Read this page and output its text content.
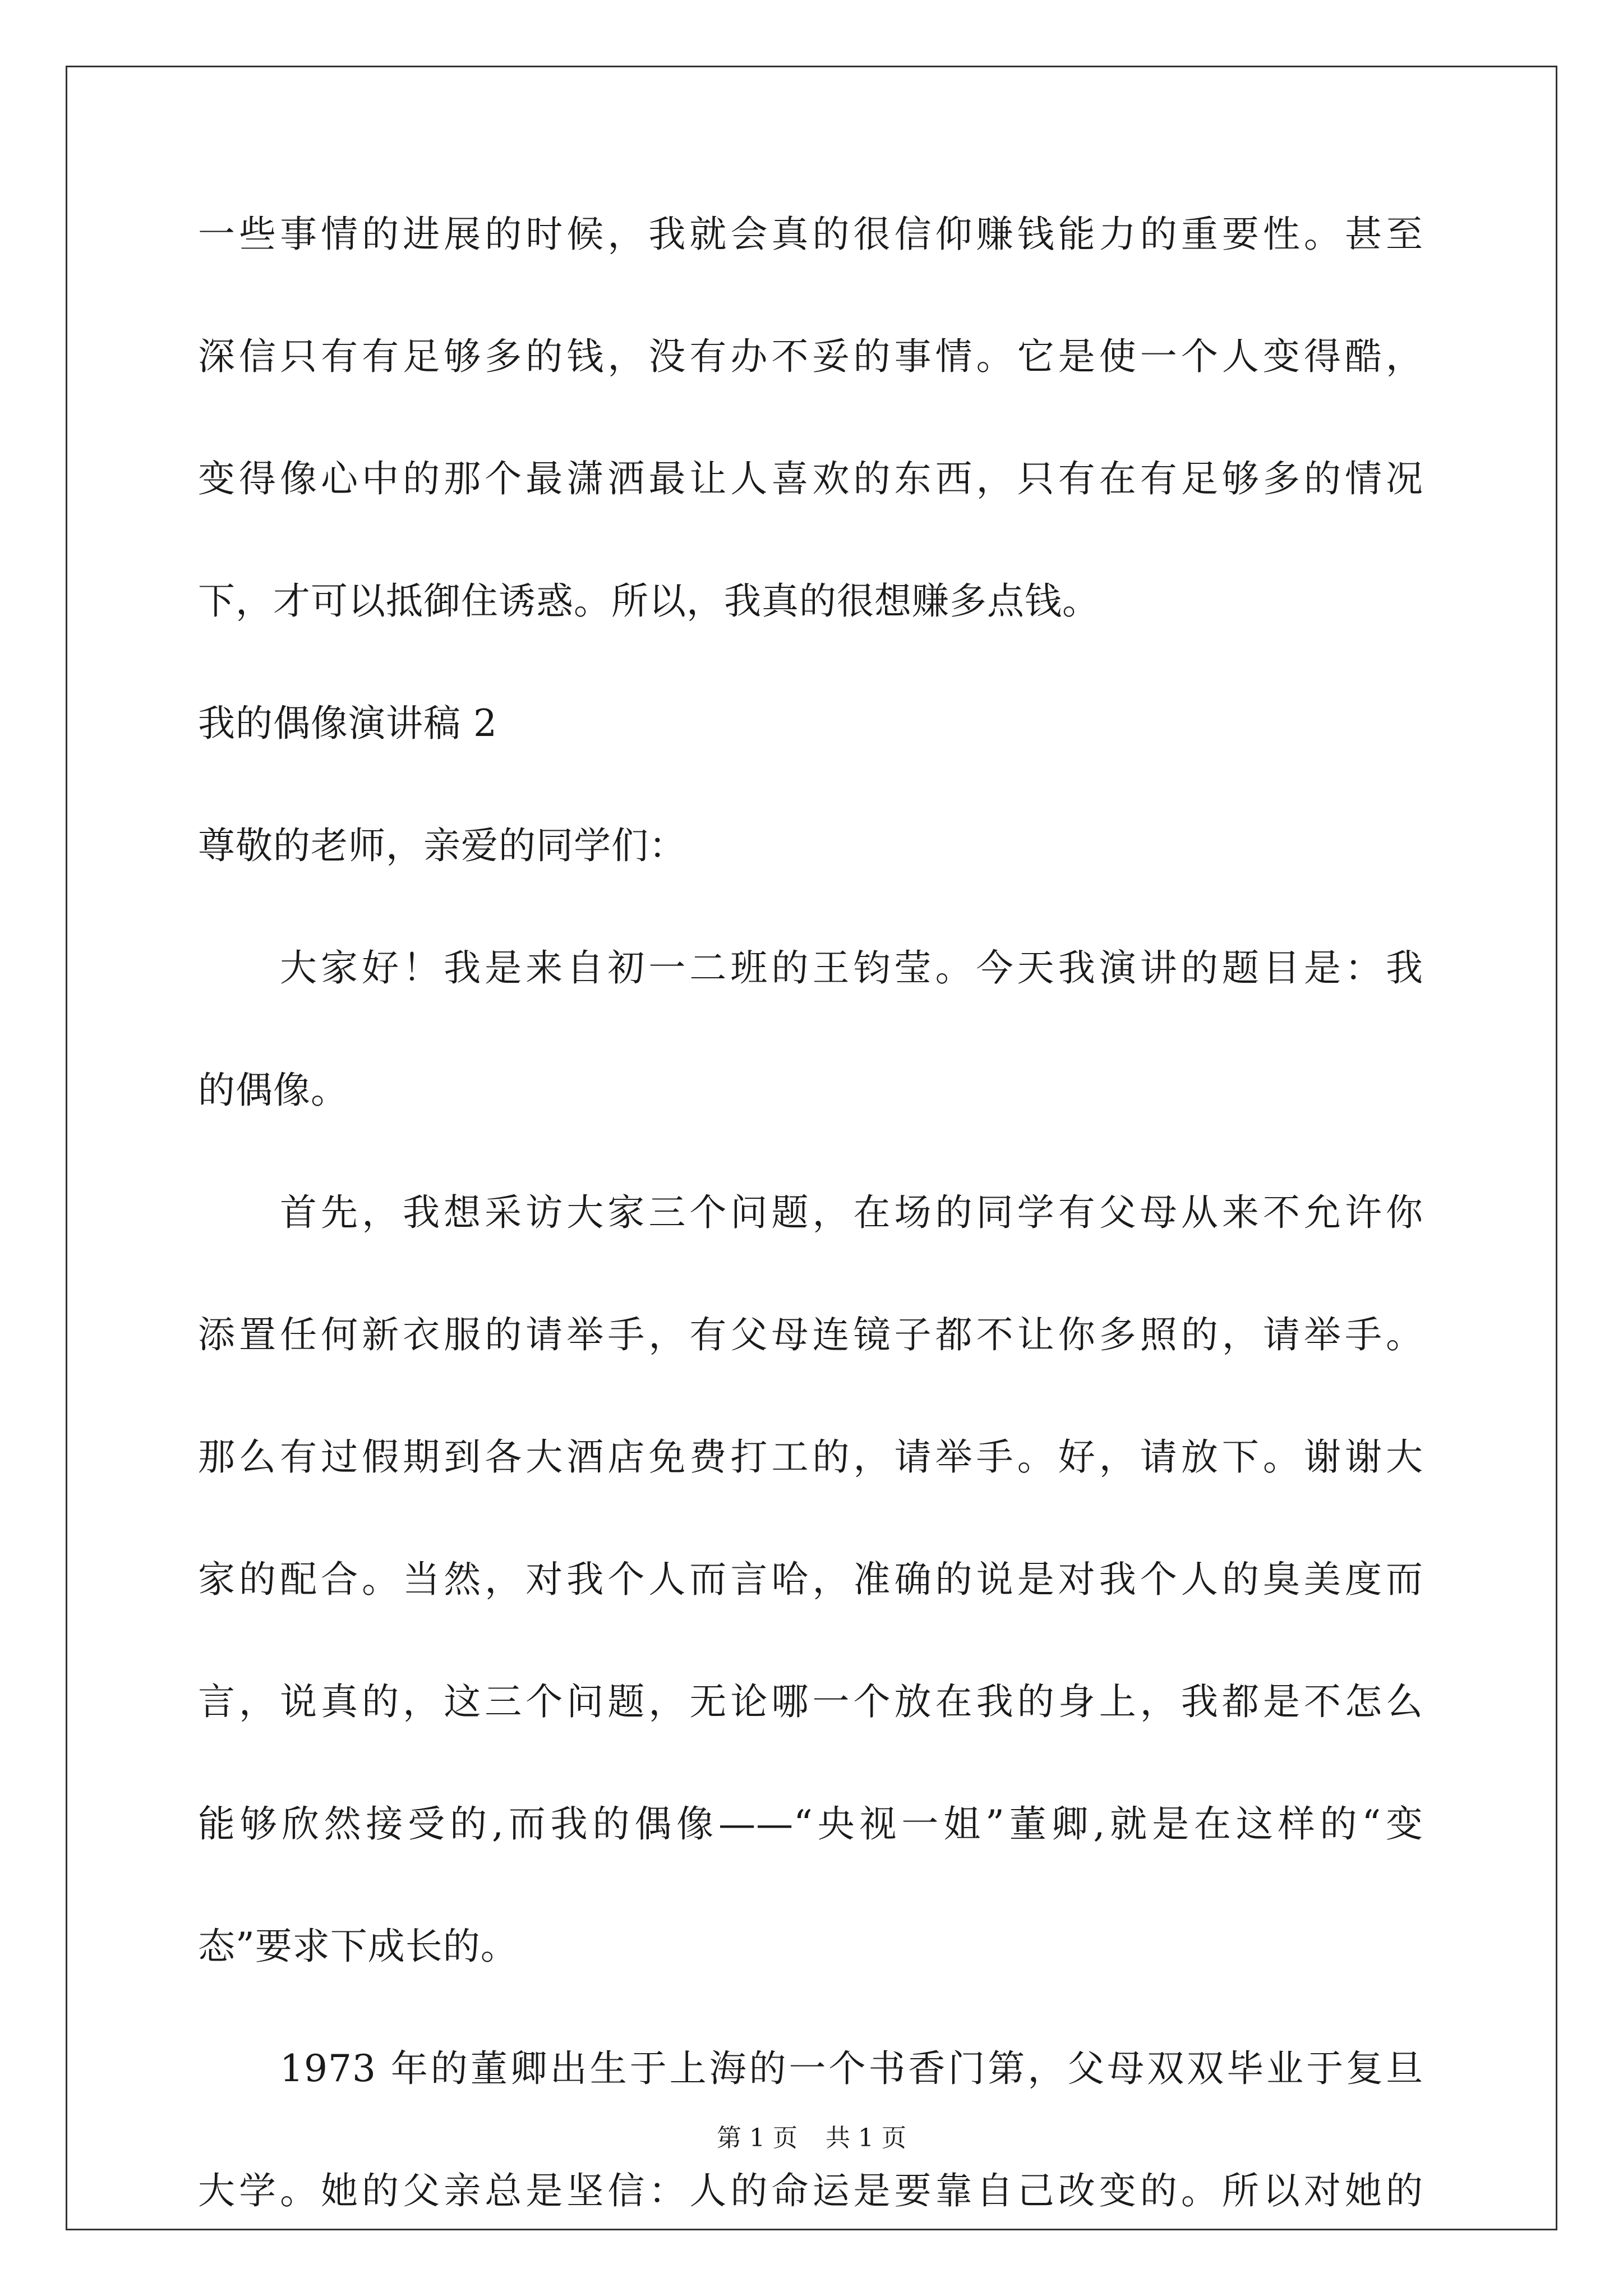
一些事情的进展的时候，我就会真的很信仰赚钱能力的重要性。甚至
深信只有有足够多的钱，没有办不妥的事情。它是使一个人变得酷，
变得像心中的那个最潇洒最让人喜欢的东西，只有在有足够多的情况
下，才可以抵御住诱惑。所以，我真的很想赚多点钱。
我的偶像演讲稿 2
尊敬的老师，亲爱的同学们：
大家好！我是来自初一二班的王钧莹。今天我演讲的题目是：我
的偶像。
首先，我想采访大家三个问题，在场的同学有父母从来不允许你
添置任何新衣服的请举手，有父母连镜子都不让你多照的，请举手。
那么有过假期到各大酒店免费打工的，请举手。好，请放下。谢谢大
家的配合。当然，对我个人而言哈，准确的说是对我个人的臭美度而
言，说真的，这三个问题，无论哪一个放在我的身上，我都是不怎么
能够欣然接受的,而我的偶像——“央视一姐”董卿,就是在这样的“变
态”要求下成长的。
1973 年的董卿出生于上海的一个书香门第，父母双双毕业于复旦
大学。她的父亲总是坚信：人的命运是要靠自己改变的。所以对她的
第 1 页 共 1 页
